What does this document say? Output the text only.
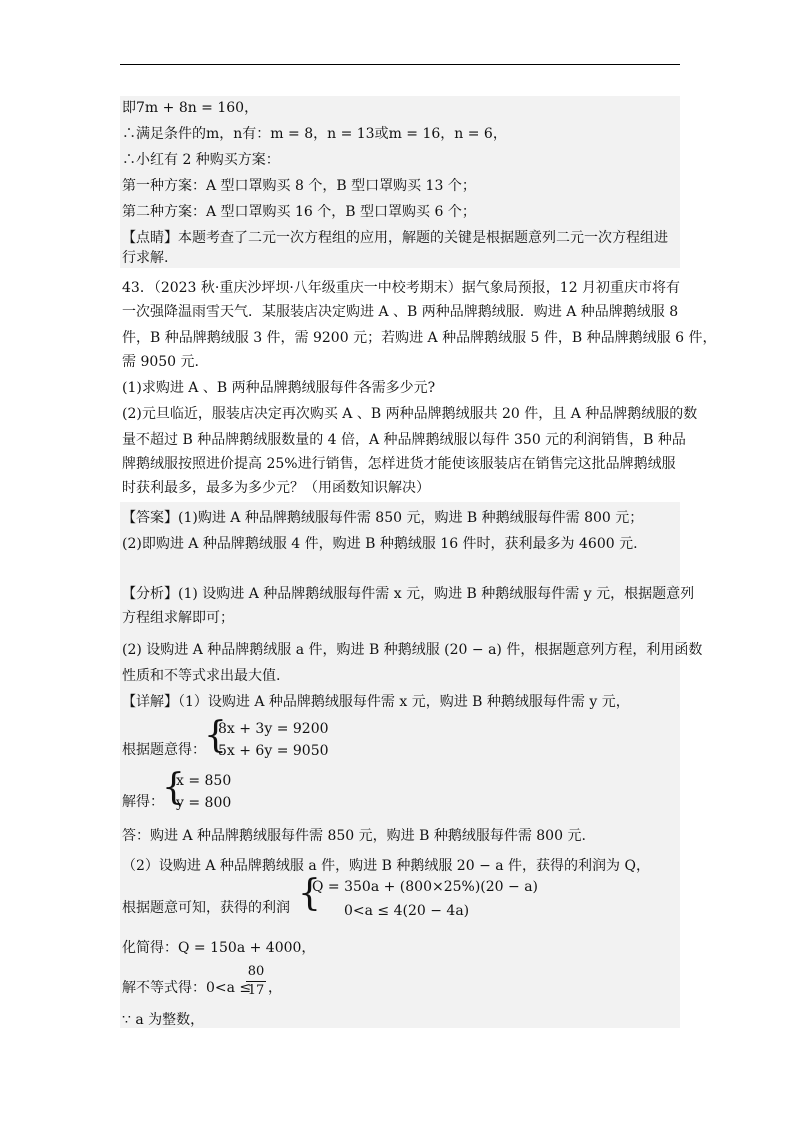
即7m + 8n = 160，
∴满足条件的m，n有：m = 8，n = 13或m = 16，n = 6，
∴小红有 2 种购买方案：
第一种方案：A 型口罩购买 8 个，B 型口罩购买 13 个；
第二种方案：A 型口罩购买 16 个，B 型口罩购买 6 个；
【点睛】本题考查了二元一次方程组的应用，解题的关键是根据题意列二元一次方程组进
行求解.
43．（2023 秋·重庆沙坪坝·八年级重庆一中校考期末）据气象局预报，12 月初重庆市将有
一次强降温雨雪天气．某服装店决定购进 A 、B 两种品牌鹅绒服．购进 A 种品牌鹅绒服 8
件，B 种品牌鹅绒服 3 件，需 9200 元；若购进 A 种品牌鹅绒服 5 件，B 种品牌鹅绒服 6 件，
需 9050 元.
(1)求购进 A 、B 两种品牌鹅绒服每件各需多少元?
(2)元旦临近，服装店决定再次购买 A 、B 两种品牌鹅绒服共 20 件，且 A 种品牌鹅绒服的数
量不超过 B 种品牌鹅绒服数量的 4 倍，A 种品牌鹅绒服以每件 350 元的利润销售，B 种品
牌鹅绒服按照进价提高 25%进行销售，怎样进货才能使该服装店在销售完这批品牌鹅绒服
时获利最多，最多为多少元？（用函数知识解决）
【答案】(1)购进 A 种品牌鹅绒服每件需 850 元，购进 B 种鹅绒服每件需 800 元；
(2)即购进 A 种品牌鹅绒服 4 件，购进 B 种鹅绒服 16 件时，获利最多为 4600 元.
【分析】(1) 设购进 A 种品牌鹅绒服每件需 x 元，购进 B 种鹅绒服每件需 y 元，根据题意列
方程组求解即可；
(2) 设购进 A 种品牌鹅绒服 a 件，购进 B 种鹅绒服 (20 − a) 件，根据题意列方程，利用函数
性质和不等式求出最大值.
【详解】（1）设购进 A 种品牌鹅绒服每件需 x 元，购进 B 种鹅绒服每件需 y 元，
根据题意得：
{
8x + 3y = 9200
5x + 6y = 9050
解得：
{
x = 850
y = 800
答：购进 A 种品牌鹅绒服每件需 850 元，购进 B 种鹅绒服每件需 800 元.
（2）设购进 A 种品牌鹅绒服 a 件，购进 B 种鹅绒服 20 − a 件，获得的利润为 Q，
根据题意可知，获得的利润 {
Q = 350a + (800×25%)(20 − a)
0<a ≤ 4(20 − 4a)
化简得：Q = 150a + 4000，
解不等式得：0<a ≤
80
17 ，
∵ a 为整数，
